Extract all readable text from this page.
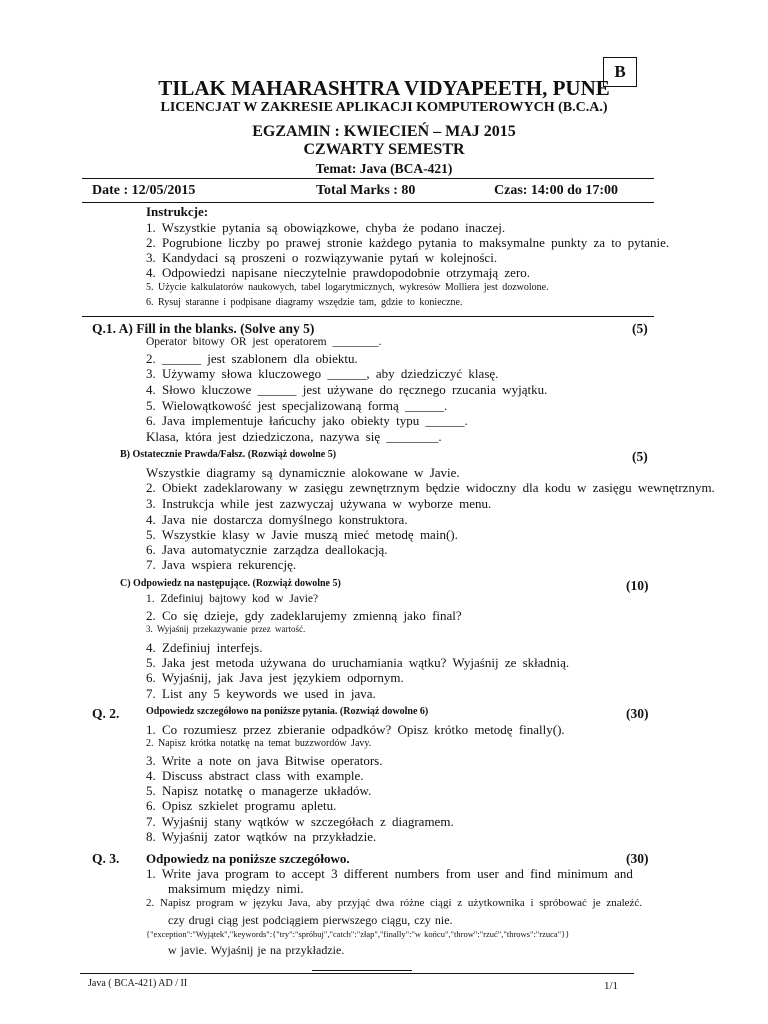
B
TILAK MAHARASHTRA VIDYAPEETH, PUNE
LICENCJAT W ZAKRESIE APLIKACJI KOMPUTEROWYCH (B.C.A.)
EGZAMIN : KWIECIEŃ – MAJ 2015
CZWARTY SEMESTR
Temat: Java (BCA-421)
Date : 12/05/2015	Total Marks : 80	Czas: 14:00 do 17:00
Instrukcje:
1. Wszystkie pytania są obowiązkowe, chyba że podano inaczej.
2. Pogrubione liczby po prawej stronie każdego pytania to maksymalne punkty za to pytanie.
3. Kandydaci są proszeni o rozwiązywanie pytań w kolejności.
4. Odpowiedzi napisane nieczytelnie prawdopodobnie otrzymają zero.
5. Użycie kalkulatorów naukowych, tabel logarytmicznych, wykresów Molliera jest dozwolone.
6. Rysuj staranne i podpisane diagramy wszędzie tam, gdzie to konieczne.
Q.1. A) Fill in the blanks. (Solve any 5)	(5)
Operator bitowy OR jest operatorem ________.
2. ______ jest szablonem dla obiektu.
3. Używamy słowa kluczowego ______, aby dziedziczyć klasę.
4. Słowo kluczowe ______ jest używane do ręcznego rzucania wyjątku.
5. Wielowątkowość jest specjalizowaną formą ______.
6. Java implementuje łańcuchy jako obiekty typu ______.
Klasa, która jest dziedziczona, nazywa się ________.
B) Ostatecznie Prawda/Fałsz. (Rozwiąż dowolne 5)	(5)
Wszystkie diagramy są dynamicznie alokowane w Javie.
2. Obiekt zadeklarowany w zasięgu zewnętrznym będzie widoczny dla kodu w zasięgu wewnętrznym.
3. Instrukcja while jest zazwyczaj używana w wyborze menu.
4. Java nie dostarcza domyślnego konstruktora.
5. Wszystkie klasy w Javie muszą mieć metodę main().
6. Java automatycznie zarządza deallokacją.
7. Java wspiera rekurencję.
C) Odpowiedz na następujące. (Rozwiąż dowolne 5)	(10)
1. Zdefiniuj bajtowy kod w Javie?
2. Co się dzieje, gdy zadeklarujemy zmienną jako final?
3. Wyjaśnij przekazywanie przez wartość.
4. Zdefiniuj interfejs.
5. Jaka jest metoda używana do uruchamiania wątku? Wyjaśnij ze składnią.
6. Wyjaśnij, jak Java jest językiem odpornym.
7. List any 5 keywords we used in java.
Q. 2.	Odpowiedz szczegółowo na poniższe pytania. (Rozwiąż dowolne 6)	(30)
1. Co rozumiesz przez zbieranie odpadków? Opisz krótko metodę finally().
2. Napisz krótka notatkę na temat buzzwordów Javy.
3. Write a note on java Bitwise operators.
4. Discuss abstract class with example.
5. Napisz notatkę o managerze układów.
6. Opisz szkielet programu apletu.
7. Wyjaśnij stany wątków w szczegółach z diagramem.
8. Wyjaśnij zator wątków na przykładzie.
Q. 3. Odpowiedz na poniższe szczegółowo.	(30)
1. Write java program to accept 3 different numbers from user and find minimum and
maksimum między nimi.
2. Napisz program w języku Java, aby przyjąć dwa różne ciągi z użytkownika i spróbować je znaleźć.
czy drugi ciąg jest podciągiem pierwszego ciągu, czy nie.
{"exception":"Wyjątek","keywords":{"try":"spróbuj","catch":"złap","finally":"w końcu","throw":"rzuć","throws":"rzuca"}}
w javie. Wyjaśnij je na przykładzie.
Java ( BCA-421) AD / II	1/1
